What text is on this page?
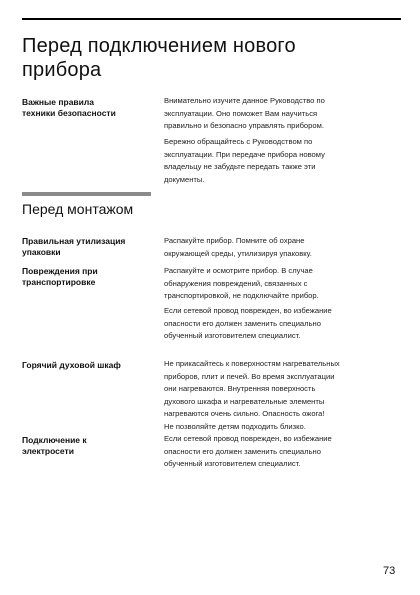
Перед подключением нового
прибора

Важные правила
техники безопасности

Внимательно изучите данное Руководство по
эксплуатации. Оно поможет Вам научиться
правильно и безопасно управлять прибором.

Бережно обращайтесь с Руководством по
эксплуатации. При передаче прибора новому
владельцу не забудьте передать также эти
документы.

Перед монтажом

Правильная утилизация
упаковки

Распакуйте прибор. Помните об охране
окружающей среды, утилизируя упаковку.

Повреждения при
транспортировке

Распакуйте и осмотрите прибор. В случае
обнаружения повреждений, связанных с
транспортировкой, не подключайте прибор.

Если сетевой провод поврежден, во избежание
опасности его должен заменить специально
обученный изготовителем специалист.

Горячий духовой шкаф	Не прикасайтесь к поверхностям нагревательных
приборов, плит и печей. Во время эксплуатации
они нагреваются. Внутренняя поверхность
духового шкафа и нагревательные элементы
нагреваются очень сильно. Опасность ожога!
Не позволяйте детям подходить близко.

Подключение к
электросети

Если сетевой провод поврежден, во избежание
опасности его должен заменить специально
обученный изготовителем специалист.

73
